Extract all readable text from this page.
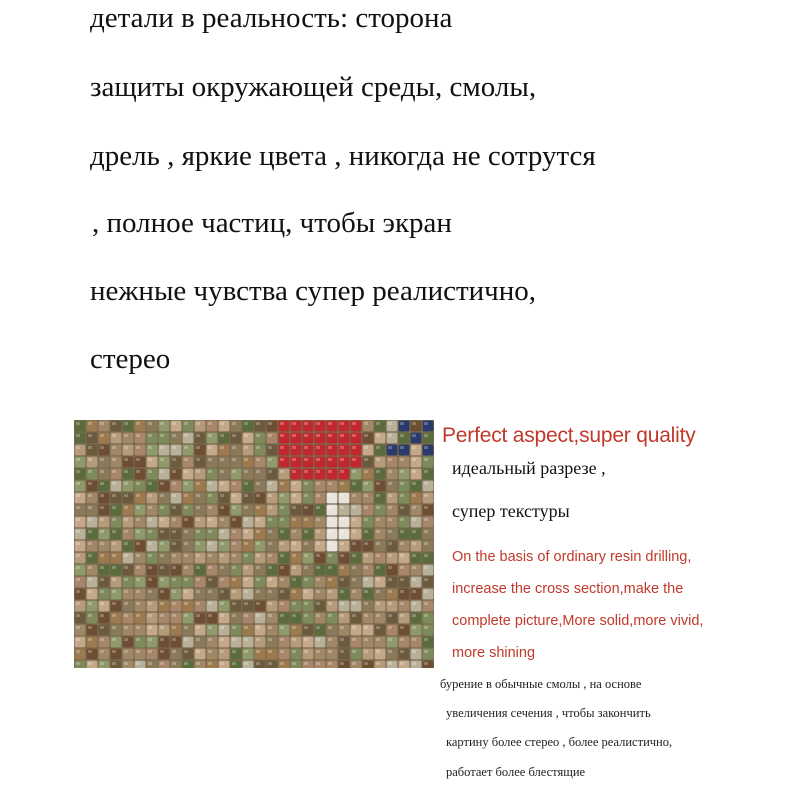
детали в реальность: сторона
защиты окружающей среды, смолы,
дрель , яркие цвета , никогда не сотрутся
, полное частиц, чтобы экран
нежные чувства супер реалистично,
стерео
Perfect aspect,super quality
идеальный разрезе ,
супер текстуры
On the basis of ordinary resin drilling,
increase the cross section,make the
complete picture,More solid,more vivid,
more shining
бурение в обычные смолы , на основе
увеличения сечения , чтобы закончить
картину более стерео , более реалистично,
работает более блестящие
